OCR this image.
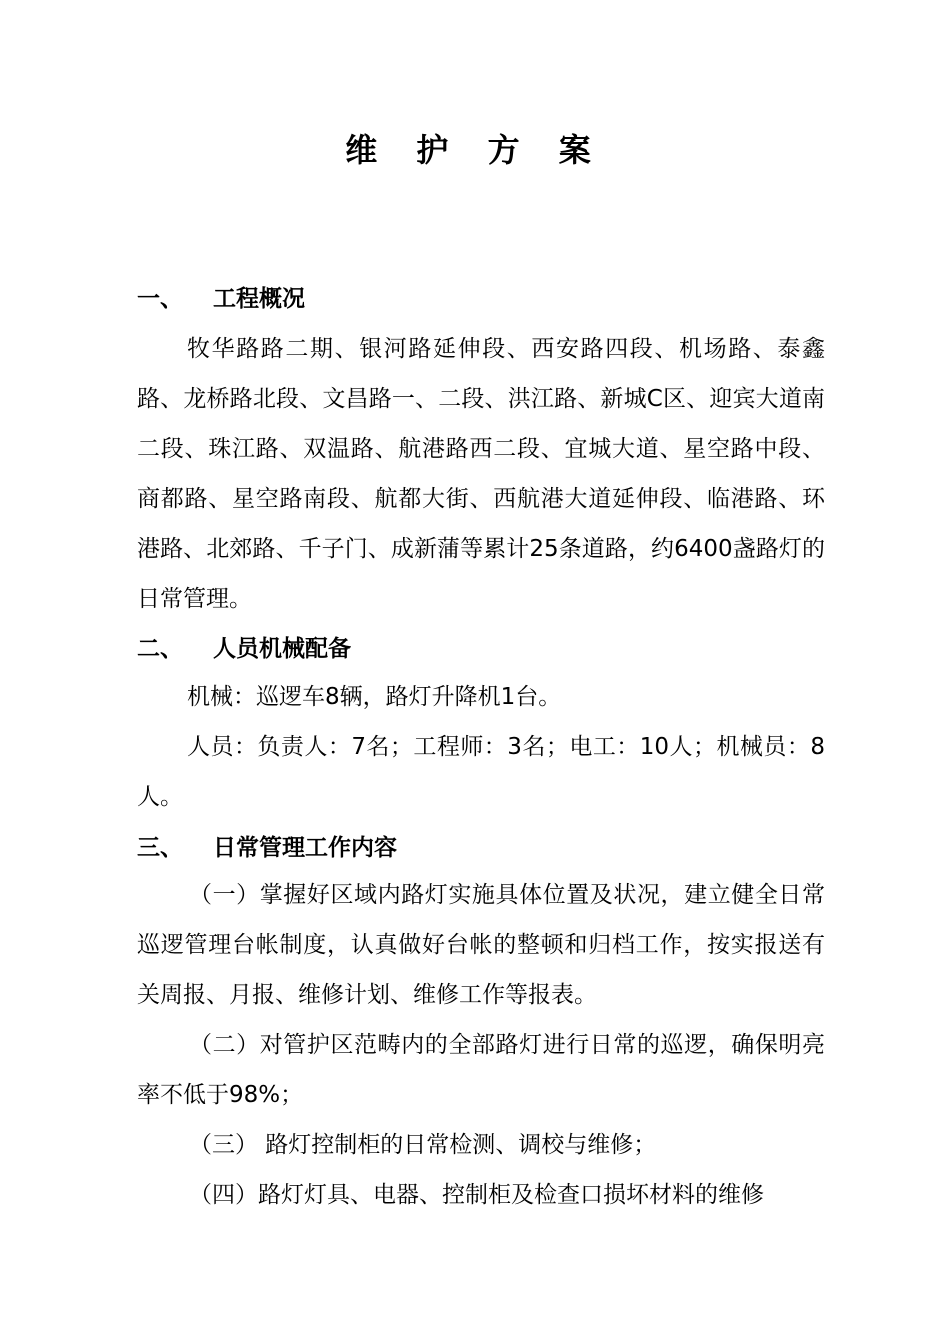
维 护 方 案
一、 工程概况
牧华路路二期、银河路延伸段、西安路四段、机场路、泰鑫路、龙桥路北段、文昌路一、二段、洪江路、新城C区、迎宾大道南二段、珠江路、双温路、航港路西二段、宜城大道、星空路中段、商都路、星空路南段、航都大街、西航港大道延伸段、临港路、环港路、北郊路、千子门、成新蒲等累计25条道路，约6400盏路灯的日常管理。
二、 人员机械配备
机械：巡逻车8辆，路灯升降机1台。
人员：负责人：7名；工程师：3名；电工：10人；机械员：8人。
三、 日常管理工作内容
（一）掌握好区域内路灯实施具体位置及状况，建立健全日常巡逻管理台帐制度，认真做好台帐的整顿和归档工作，按实报送有关周报、月报、维修计划、维修工作等报表。
（二）对管护区范畴内的全部路灯进行日常的巡逻，确保明亮率不低于98%；
（三） 路灯控制柜的日常检测、调校与维修；
（四）路灯灯具、电器、控制柜及检查口损坏材料的维修
